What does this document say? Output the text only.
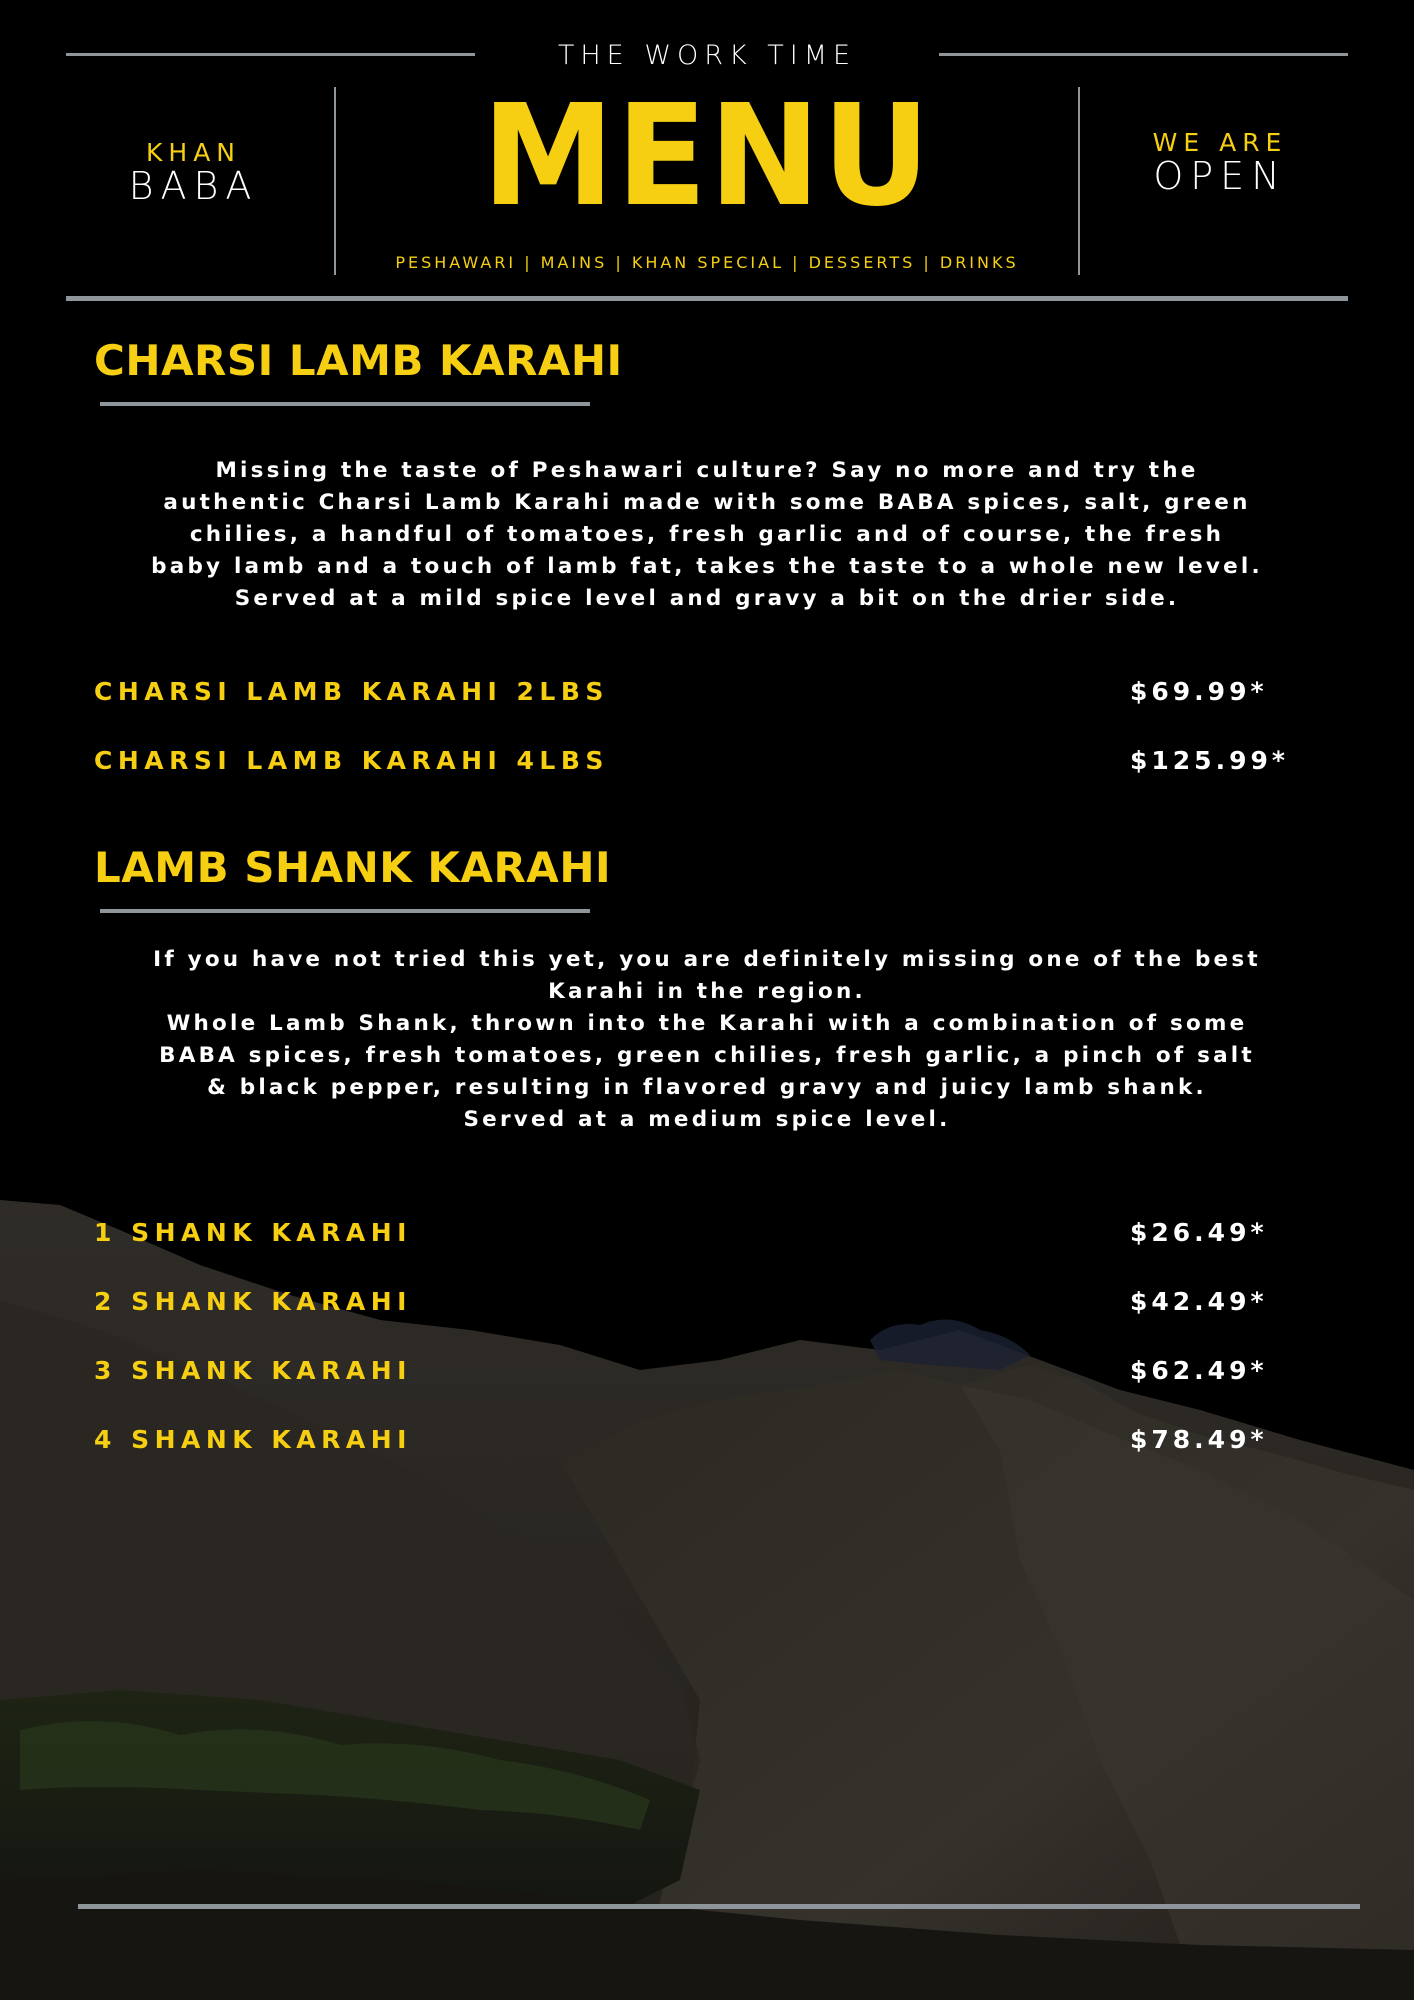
THE WORK TIME
KHAN
BABA	MENU	WE ARE
OPEN
PESHAWARI | MAINS | KHAN SPECIAL | DESSERTS | DRINKS
CHARSI LAMB KARAHI
Missing the taste of Peshawari culture? Say no more and try the
authentic Charsi Lamb Karahi made with some BABA spices, salt, green
chilies, a handful of tomatoes, fresh garlic and of course, the fresh
baby lamb and a touch of lamb fat, takes the taste to a whole new level.
Served at a mild spice level and gravy a bit on the drier side.
CHARSI LAMB KARAHI 2LBS	$69.99*
CHARSI LAMB KARAHI 4LBS	$125.99*
LAMB SHANK KARAHI
If you have not tried this yet, you are definitely missing one of the best
Karahi in the region.
Whole Lamb Shank, thrown into the Karahi with a combination of some
BABA spices, fresh tomatoes, green chilies, fresh garlic, a pinch of salt
& black pepper, resulting in flavored gravy and juicy lamb shank.
Served at a medium spice level.
1 SHANK KARAHI	$26.49*
2 SHANK KARAHI	$42.49*
3 SHANK KARAHI	$62.49*
4 SHANK KARAHI	$78.49*
